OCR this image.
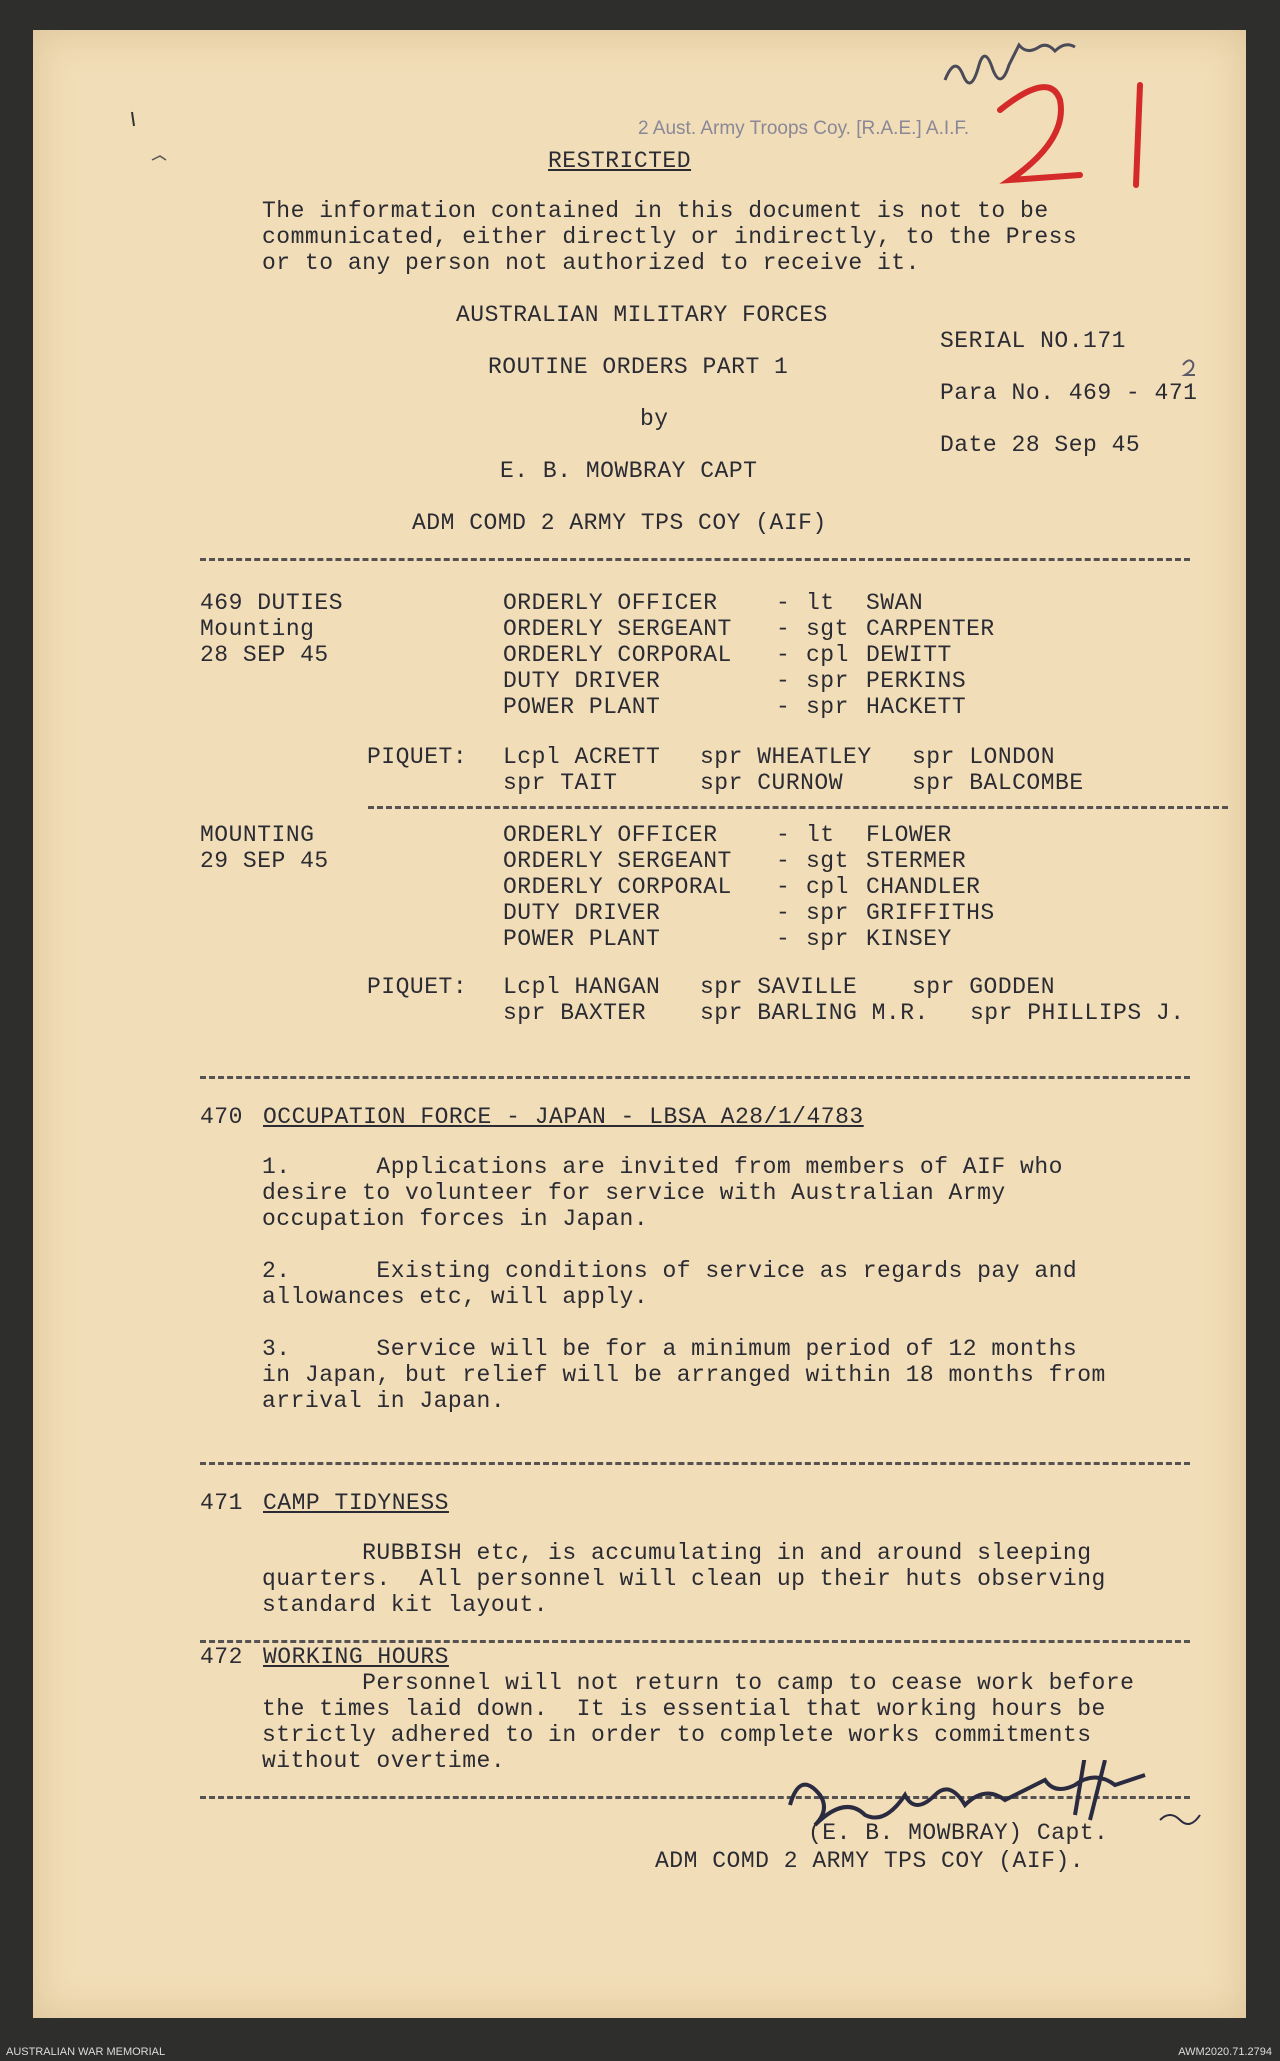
2 Aust. Army Troops Coy. [R.A.E.] A.I.F.
RESTRICTED
The information contained in this document is not to be
communicated, either directly or indirectly, to the Press
or to any person not authorized to receive it.
AUSTRALIAN MILITARY FORCES
ROUTINE ORDERS PART 1
by
E. B. MOWBRAY CAPT
ADM COMD 2 ARMY TPS COY (AIF)
SERIAL NO.171
Para No. 469 - 471
Date 28 Sep 45
469 DUTIES
Mounting
28 SEP 45
ORDERLY OFFICER	- lt SWAN
ORDERLY SERGEANT - sgt CARPENTER
ORDERLY CORPORAL - cpl DEWITT
DUTY DRIVER	- spr PERKINS
POWER PLANT	- spr HACKETT
PIQUET: Lcpl ACRETT spr WHEATLEY spr LONDON
spr TAIT	spr CURNOW	spr BALCOMBE
MOUNTING
29 SEP 45
ORDERLY OFFICER	- lt FLOWER
ORDERLY SERGEANT - sgt STERMER
ORDERLY CORPORAL - cpl CHANDLER
DUTY DRIVER	- spr GRIFFITHS
POWER PLANT	- spr KINSEY
PIQUET: Lcpl HANGAN spr SAVILLE spr GODDEN
spr BAXTER spr BARLING M.R. spr PHILLIPS J.
470 OCCUPATION FORCE - JAPAN - LBSA A28/1/4783
1.      Applications are invited from members of AIF who
desire to volunteer for service with Australian Army
occupation forces in Japan.
2.      Existing conditions of service as regards pay and
allowances etc, will apply.
3.      Service will be for a minimum period of 12 months
in Japan, but relief will be arranged within 18 months from
arrival in Japan.
471 CAMP TIDYNESS
RUBBISH etc, is accumulating in and around sleeping
quarters.  All personnel will clean up their huts observing
standard kit layout.
472 WORKING HOURS
Personnel will not return to camp to cease work before
the times laid down.  It is essential that working hours be
strictly adhered to in order to complete works commitments
without overtime.
(E. B. MOWBRAY) Capt.
ADM COMD 2 ARMY TPS COY (AIF).
AUSTRALIAN WAR MEMORIAL	AWM2020.71.2794
